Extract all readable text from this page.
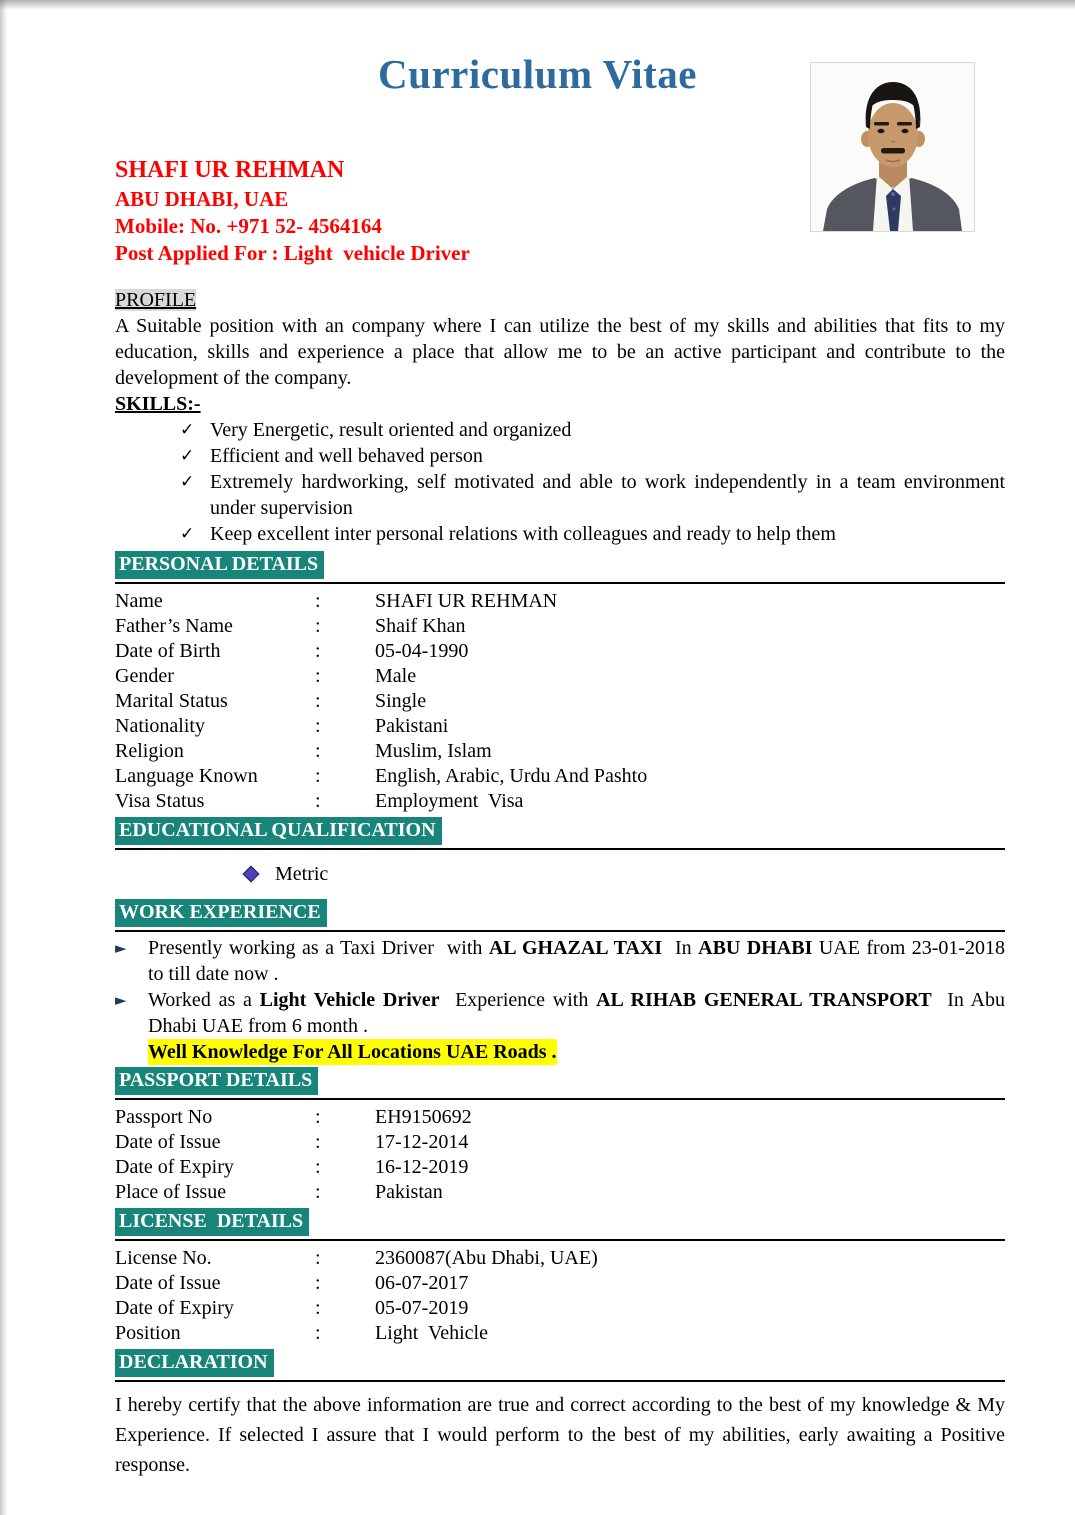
Curriculum Vitae
SHAFI UR REHMAN
ABU DHABI, UAE
Mobile: No. +971 52- 4564164
Post Applied For : Light  vehicle Driver
PROFILE
A Suitable position with an company where I can utilize the best of my skills and abilities that fits to my education, skills and experience a place that allow me to be an active participant and contribute to the development of the company.
SKILLS:-
✓ Very Energetic, result oriented and organized
✓ Efficient and well behaved person
✓ Extremely hardworking, self motivated and able to work independently in a team environment under supervision
✓ Keep excellent inter personal relations with colleagues and ready to help them
PERSONAL DETAILS
Name	:	SHAFI UR REHMAN
Father’s Name	:	Shaif Khan
Date of Birth	:	05-04-1990
Gender	:	Male
Marital Status	:	Single
Nationality	:	Pakistani
Religion	:	Muslim, Islam
Language Known	:	English, Arabic, Urdu And Pashto
Visa Status	:	Employment  Visa
EDUCATIONAL QUALIFICATION
Metric
WORK EXPERIENCE
►	Presently working as a Taxi Driver  with AL GHAZAL TAXI  In ABU DHABI UAE from 23-01-2018  to till date now .
►	Worked as a Light Vehicle Driver  Experience with AL RIHAB GENERAL TRANSPORT  In Abu Dhabi UAE from 6 month .
Well Knowledge For All Locations UAE Roads .
PASSPORT DETAILS
Passport No	:	EH9150692
Date of Issue	:	17-12-2014
Date of Expiry	:	16-12-2019
Place of Issue	:	Pakistan
LICENSE  DETAILS
License No.	:	2360087(Abu Dhabi, UAE)
Date of Issue	:	06-07-2017
Date of Expiry	:	05-07-2019
Position	:	Light  Vehicle
DECLARATION
I hereby certify that the above information are true and correct according to the best of my knowledge & My Experience. If selected I assure that I would perform to the best of my abilities, early awaiting a Positive response.
